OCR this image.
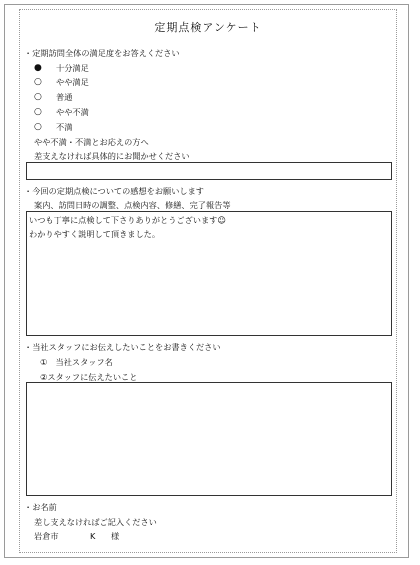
定期点検アンケート
・定期訪問全体の満足度をお答えください
● 十分満足
○ やや満足
○ 普通
○ やや不満
○ 不満
やや不満・不満とお応えの方へ
差支えなければ具体的にお聞かせください
・今回の定期点検についての感想をお願いします
案内、訪問日時の調整、点検内容、修繕、完了報告等
いつも丁寧に点検して下さりありがとうございます☺
わかりやすく説明して頂きました。
・当社スタッフにお伝えしたいことをお書きください
①　当社スタッフ名
②スタッフに伝えたいこと
・お名前
差し支えなければご記入ください
岩倉市	K 様
